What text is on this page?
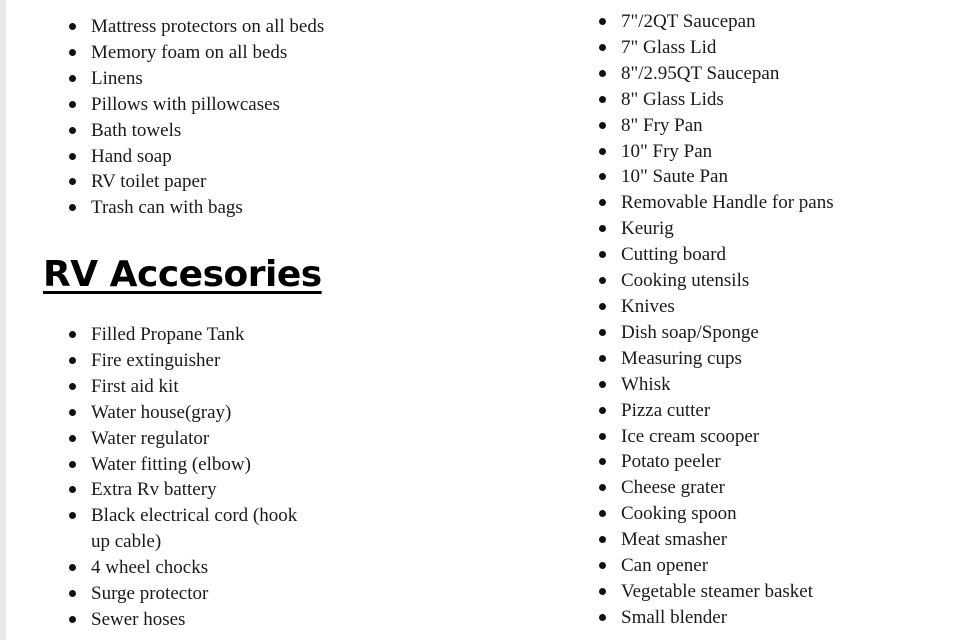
Mattress protectors on all beds
Memory foam on all beds
Linens
Pillows with pillowcases
Bath towels
Hand soap
RV toilet paper
Trash can with bags
RV Accesories
Filled Propane Tank
Fire extinguisher
First aid kit
Water house(gray)
Water regulator
Water fitting (elbow)
Extra Rv battery
Black electrical cord (hook
up cable)
4 wheel chocks
Surge protector
Sewer hoses
7"/2QT Saucepan
7" Glass Lid
8"/2.95QT Saucepan
8" Glass Lids
8" Fry Pan
10" Fry Pan
10" Saute Pan
Removable Handle for pans
Keurig
Cutting board
Cooking utensils
Knives
Dish soap/Sponge
Measuring cups
Whisk
Pizza cutter
Ice cream scooper
Potato peeler
Cheese grater
Cooking spoon
Meat smasher
Can opener
Vegetable steamer basket
Small blender
